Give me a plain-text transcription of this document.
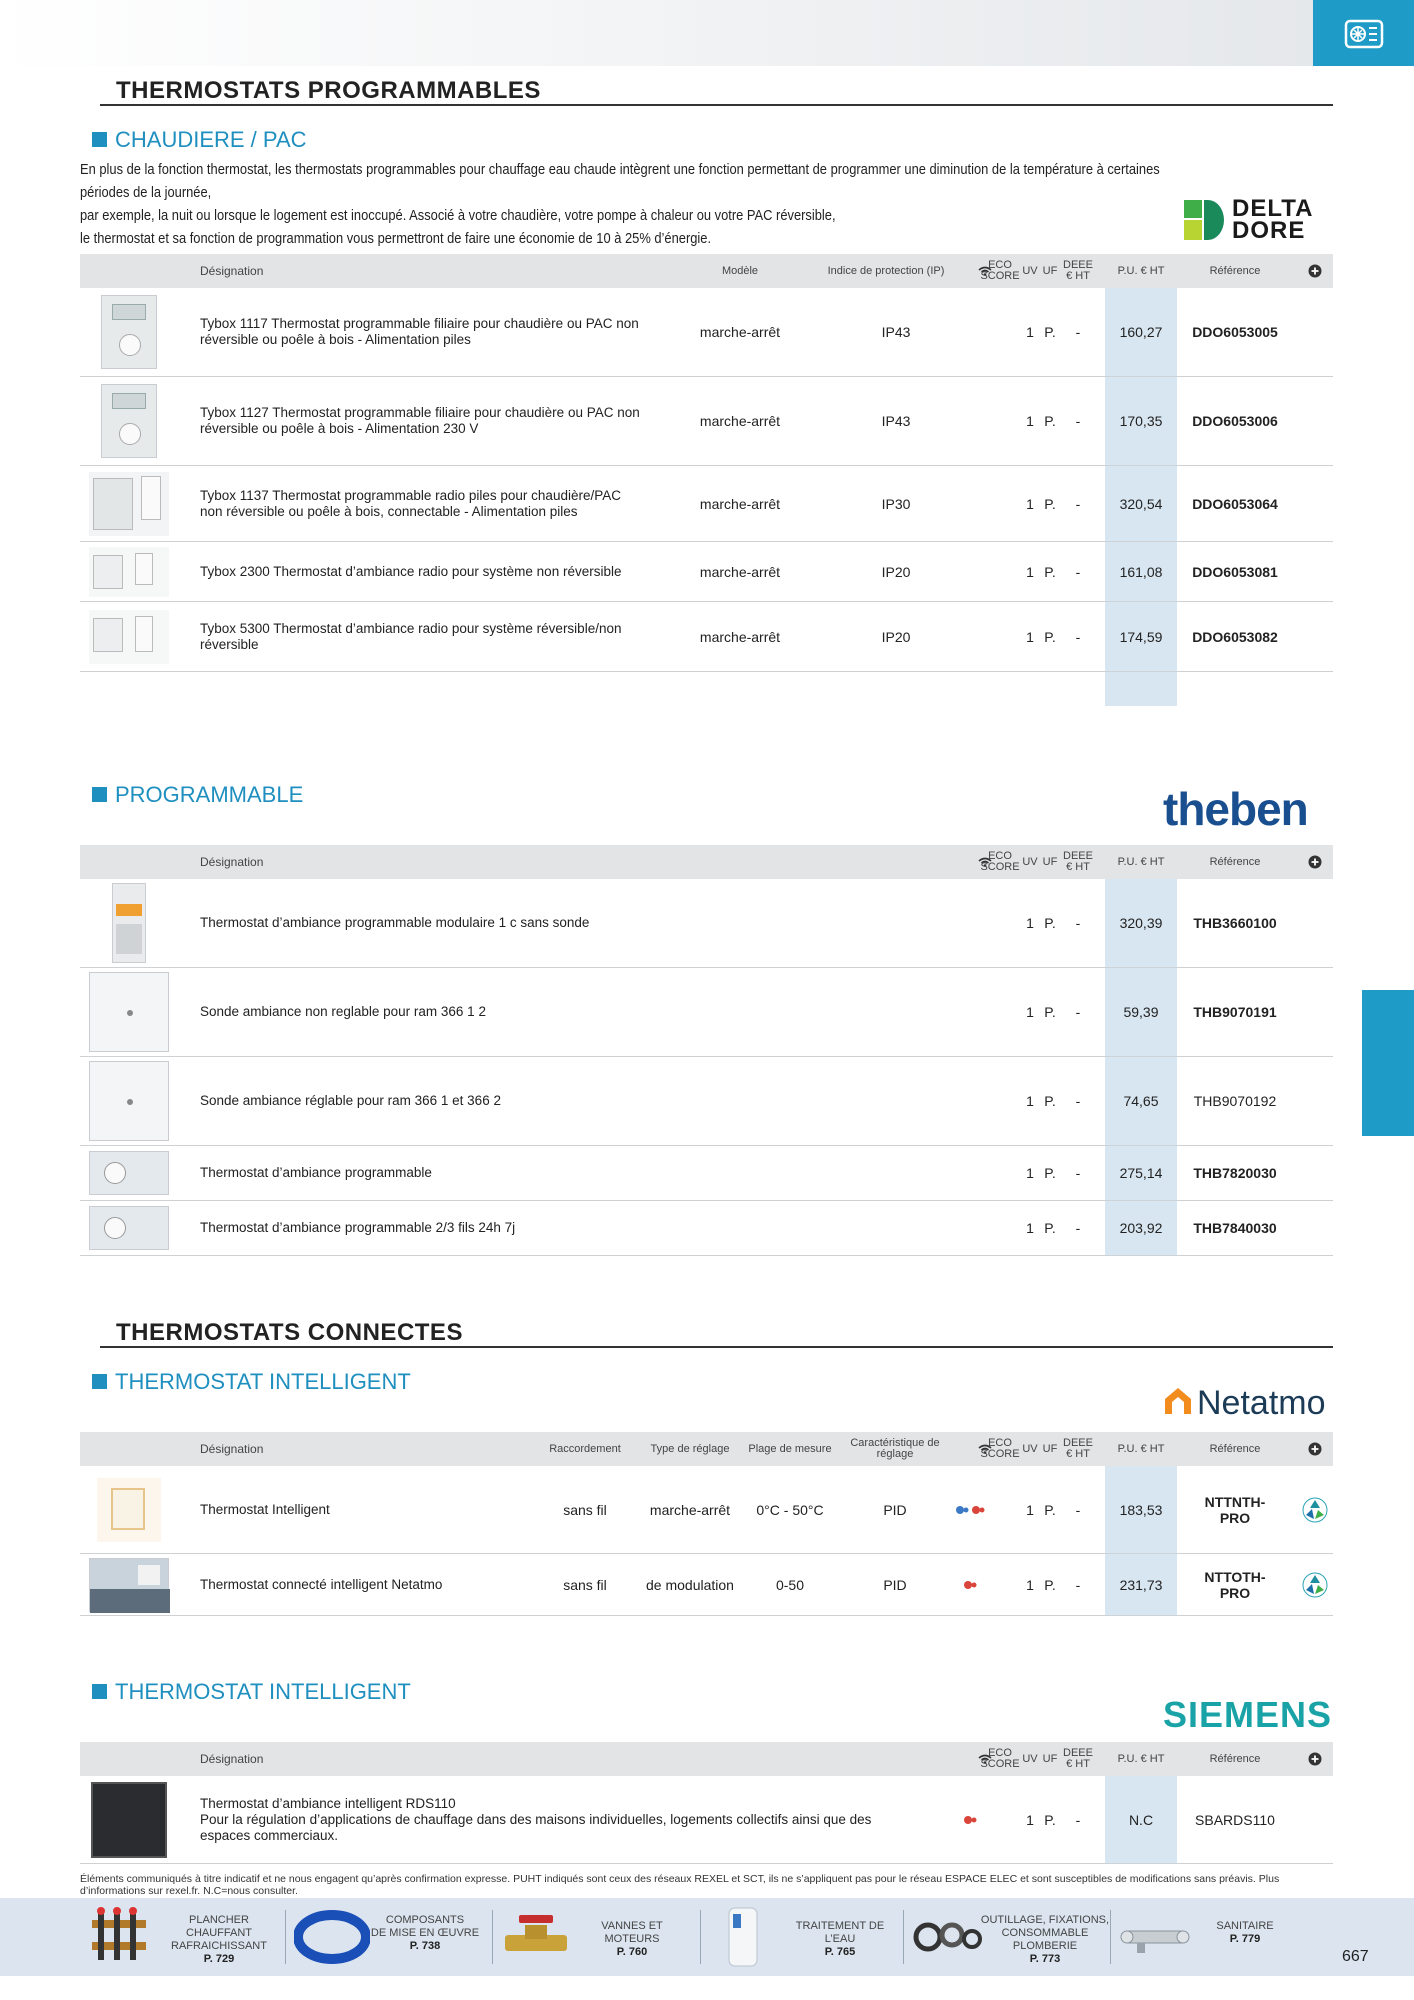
THERMOSTATS PROGRAMMABLES
CHAUDIERE / PAC
En plus de la fonction thermostat, les thermostats programmables pour chauffage eau chaude intègrent une fonction permettant de programmer une diminution de la température à certaines
périodes de la journée,
par exemple, la nuit ou lorsque le logement est inoccupé. Associé à votre chaudière, votre pompe à chaleur ou votre PAC réversible,
le thermostat et sa fonction de programmation vous permettront de faire une économie de 10 à 25% d’énergie.
DELTA
DORE
Désignation	Modèle	Indice de protection (IP)	ECO SCORE UV UF DEEE € HT	P.U. € HT	Référence
Tybox 1117 Thermostat programmable filiaire pour chaudière ou PAC non réversible ou poêle à bois - Alimentation piles	marche-arrêt	IP43	1 P.	-	160,27	DDO6053005
Tybox 1127 Thermostat programmable filiaire pour chaudière ou PAC non réversible ou poêle à bois - Alimentation 230 V	marche-arrêt	IP43	1 P.	-	170,35	DDO6053006
Tybox 1137 Thermostat programmable radio piles pour chaudière/PAC non réversible ou poêle à bois, connectable - Alimentation piles	marche-arrêt	IP30	1 P.	-	320,54	DDO6053064
Tybox 2300 Thermostat d’ambiance radio pour système non réversible	marche-arrêt	IP20	1 P.	-	161,08	DDO6053081
Tybox 5300 Thermostat d’ambiance radio pour système réversible/non réversible	marche-arrêt	IP20	1 P.	-	174,59	DDO6053082
PROGRAMMABLE	theben
Désignation	ECO SCORE UV UF DEEE € HT	P.U. € HT	Référence
Thermostat d’ambiance programmable modulaire 1 c sans sonde	1 P.	-	320,39	THB3660100
Sonde ambiance non reglable pour ram 366 1 2	1 P.	-	59,39	THB9070191
Sonde ambiance réglable pour ram 366 1 et 366 2	1 P.	-	74,65	THB9070192
Thermostat d’ambiance programmable	1 P.	-	275,14	THB7820030
Thermostat d’ambiance programmable 2/3 fils 24h 7j	1 P.	-	203,92	THB7840030
THERMOSTATS CONNECTES
THERMOSTAT INTELLIGENT
Netatmo
Désignation	Raccordement	Type de réglage	Plage de mesure	Caractéristique de réglage
ECO SCORE UV UF DEEE € HT	P.U. € HT	Référence
Thermostat Intelligent	sans fil	marche-arrêt	0°C - 50°C	PID	1 P.	-	183,53	NTTNTH-PRO
Thermostat connecté intelligent Netatmo	sans fil	de modulation	0-50	PID	1 P.	-	231,73	NTTOTH-PRO
THERMOSTAT INTELLIGENT
SIEMENS
Désignation	ECO SCORE UV UF DEEE € HT	P.U. € HT	Référence
Thermostat d’ambiance intelligent RDS110
Pour la régulation d’applications de chauffage dans des maisons individuelles, logements collectifs ainsi que des espaces commerciaux.
1 P.	-	N.C	SBARDS110
Éléments communiqués à titre indicatif et ne nous engagent qu’après confirmation expresse. PUHT indiqués sont ceux des réseaux REXEL et SCT, ils ne s’appliquent pas pour le réseau ESPACE ELEC et sont susceptibles de modifications sans préavis. Plus d’informations sur rexel.fr. N.C=nous consulter.
PLANCHER CHAUFFANT
RAFRAICHISSANT
P. 729
COMPOSANTS
DE MISE EN ŒUVRE
P. 738
VANNES ET MOTEURS
P. 760
TRAITEMENT DE L’EAU
P. 765
OUTILLAGE, FIXATIONS,
CONSOMMABLE PLOMBERIE
P. 773
SANITAIRE
P. 779
667
